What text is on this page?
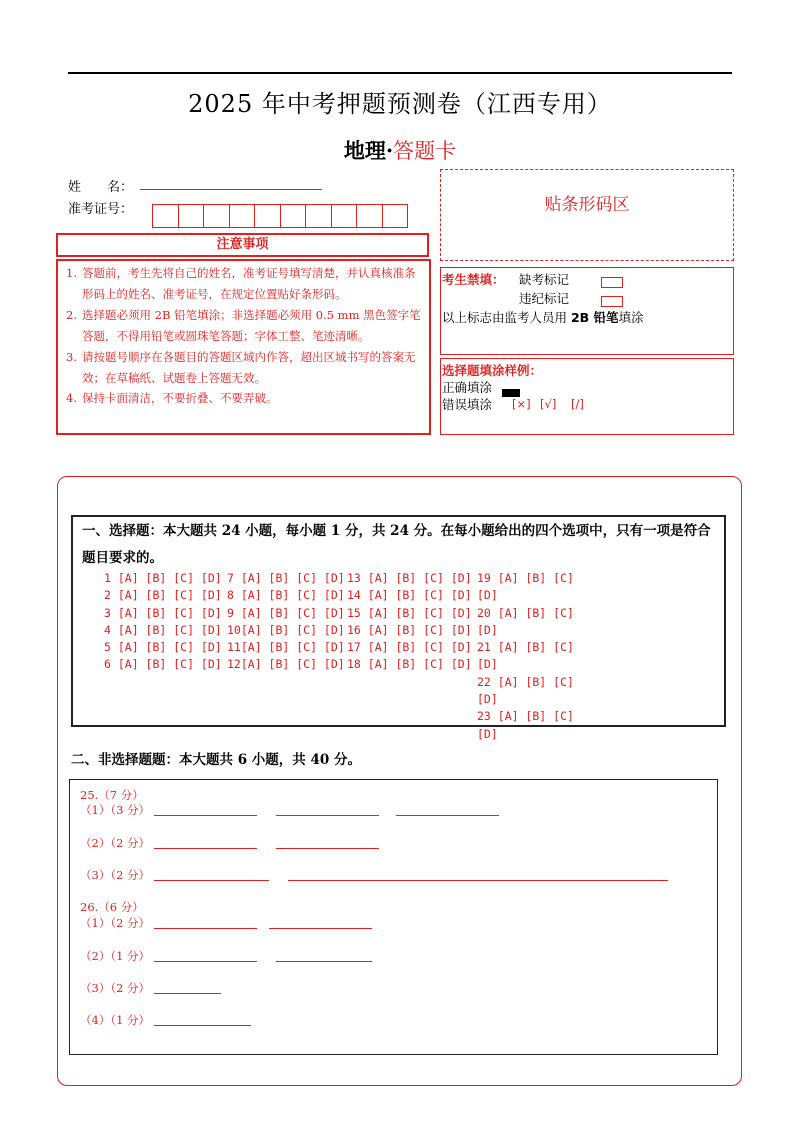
2025 年中考押题预测卷（江西专用）
地理·答题卡
姓　　名：
准考证号：	贴条形码区
注意事项
1. 答题前，考生先将自己的姓名，准考证号填写清楚，并认真核准条形码上的姓名、准考证号，在规定位置贴好条形码。
2. 选择题必须用 2B 铅笔填涂；非选择题必须用 0.5 mm 黑色签字笔答题，不得用铅笔或圆珠笔答题；字体工整、笔迹清晰。
3. 请按题号顺序在各题目的答题区域内作答，超出区域书写的答案无效；在草稿纸、试题卷上答题无效。
4. 保持卡面清洁，不要折叠、不要弄破。
考生禁填： 缺考标记
违纪标记
以上标志由监考人员用 2B 铅笔填涂
选择题填涂样例：
正确填涂
错误填涂 [×] [√] [/]
一、选择题：本大题共 24 小题，每小题 1 分，共 24 分。在每小题给出的四个选项中，只有一项是符合题目要求的。
1 [A] [B] [C] [D]
2 [A] [B] [C] [D]
3 [A] [B] [C] [D]
4 [A] [B] [C] [D]
5 [A] [B] [C] [D]
6 [A] [B] [C] [D]
7 [A] [B] [C] [D]
8 [A] [B] [C] [D]
9 [A] [B] [C] [D]
10[A] [B] [C] [D]
11[A] [B] [C] [D]
12[A] [B] [C] [D]
13 [A] [B] [C] [D]
14 [A] [B] [C] [D]
15 [A] [B] [C] [D]
16 [A] [B] [C] [D]
17 [A] [B] [C] [D]
18 [A] [B] [C] [D]
19 [A] [B] [C]
[D]
20 [A] [B] [C]
[D]
21 [A] [B] [C]
[D]
22 [A] [B] [C]
[D]
23 [A] [B] [C]
[D]
二、非选择题题：本大题共 6 小题，共 40 分。
25.（7 分）
（1）（3 分）
（2）（2 分）
（3）（2 分）
26.（6 分）
（1）（2 分）
（2）（1 分）
（3）（2 分）
（4）（1 分）
